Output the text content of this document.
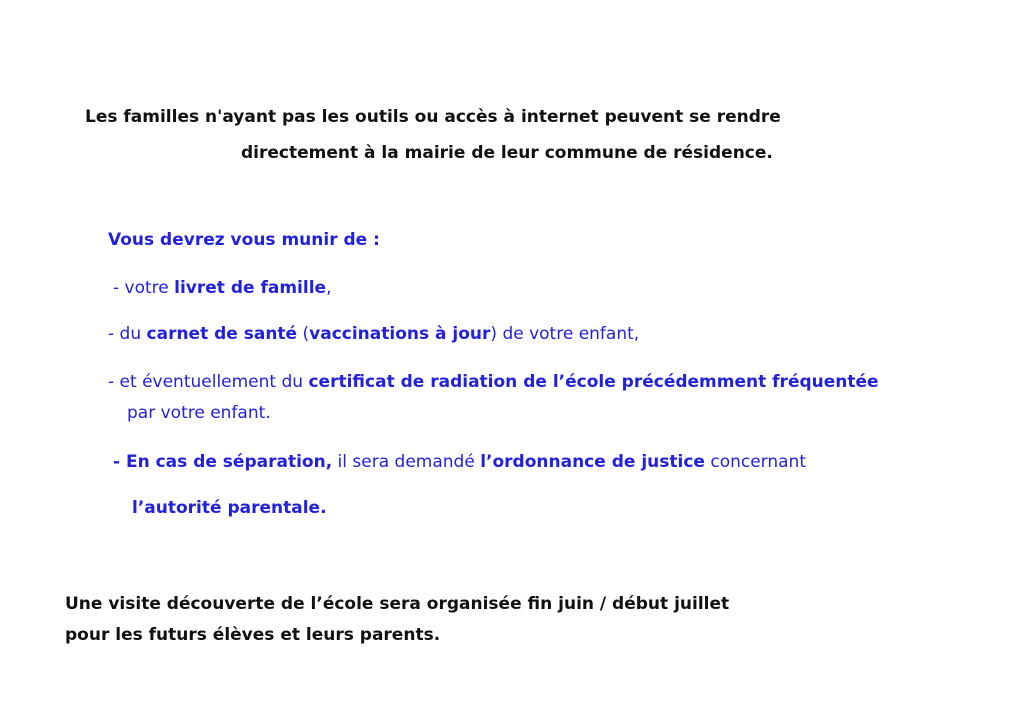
Les familles n'ayant pas les outils ou accès à internet peuvent se rendre
directement à la mairie de leur commune de résidence.
Vous devrez vous munir de :
- votre livret de famille,
- du carnet de santé (vaccinations à jour) de votre enfant,
- et éventuellement du certificat de radiation de l’école précédemment fréquentée
par votre enfant.
- En cas de séparation, il sera demandé l’ordonnance de justice concernant
l’autorité parentale.
Une visite découverte de l’école sera organisée fin juin / début juillet
pour les futurs élèves et leurs parents.
